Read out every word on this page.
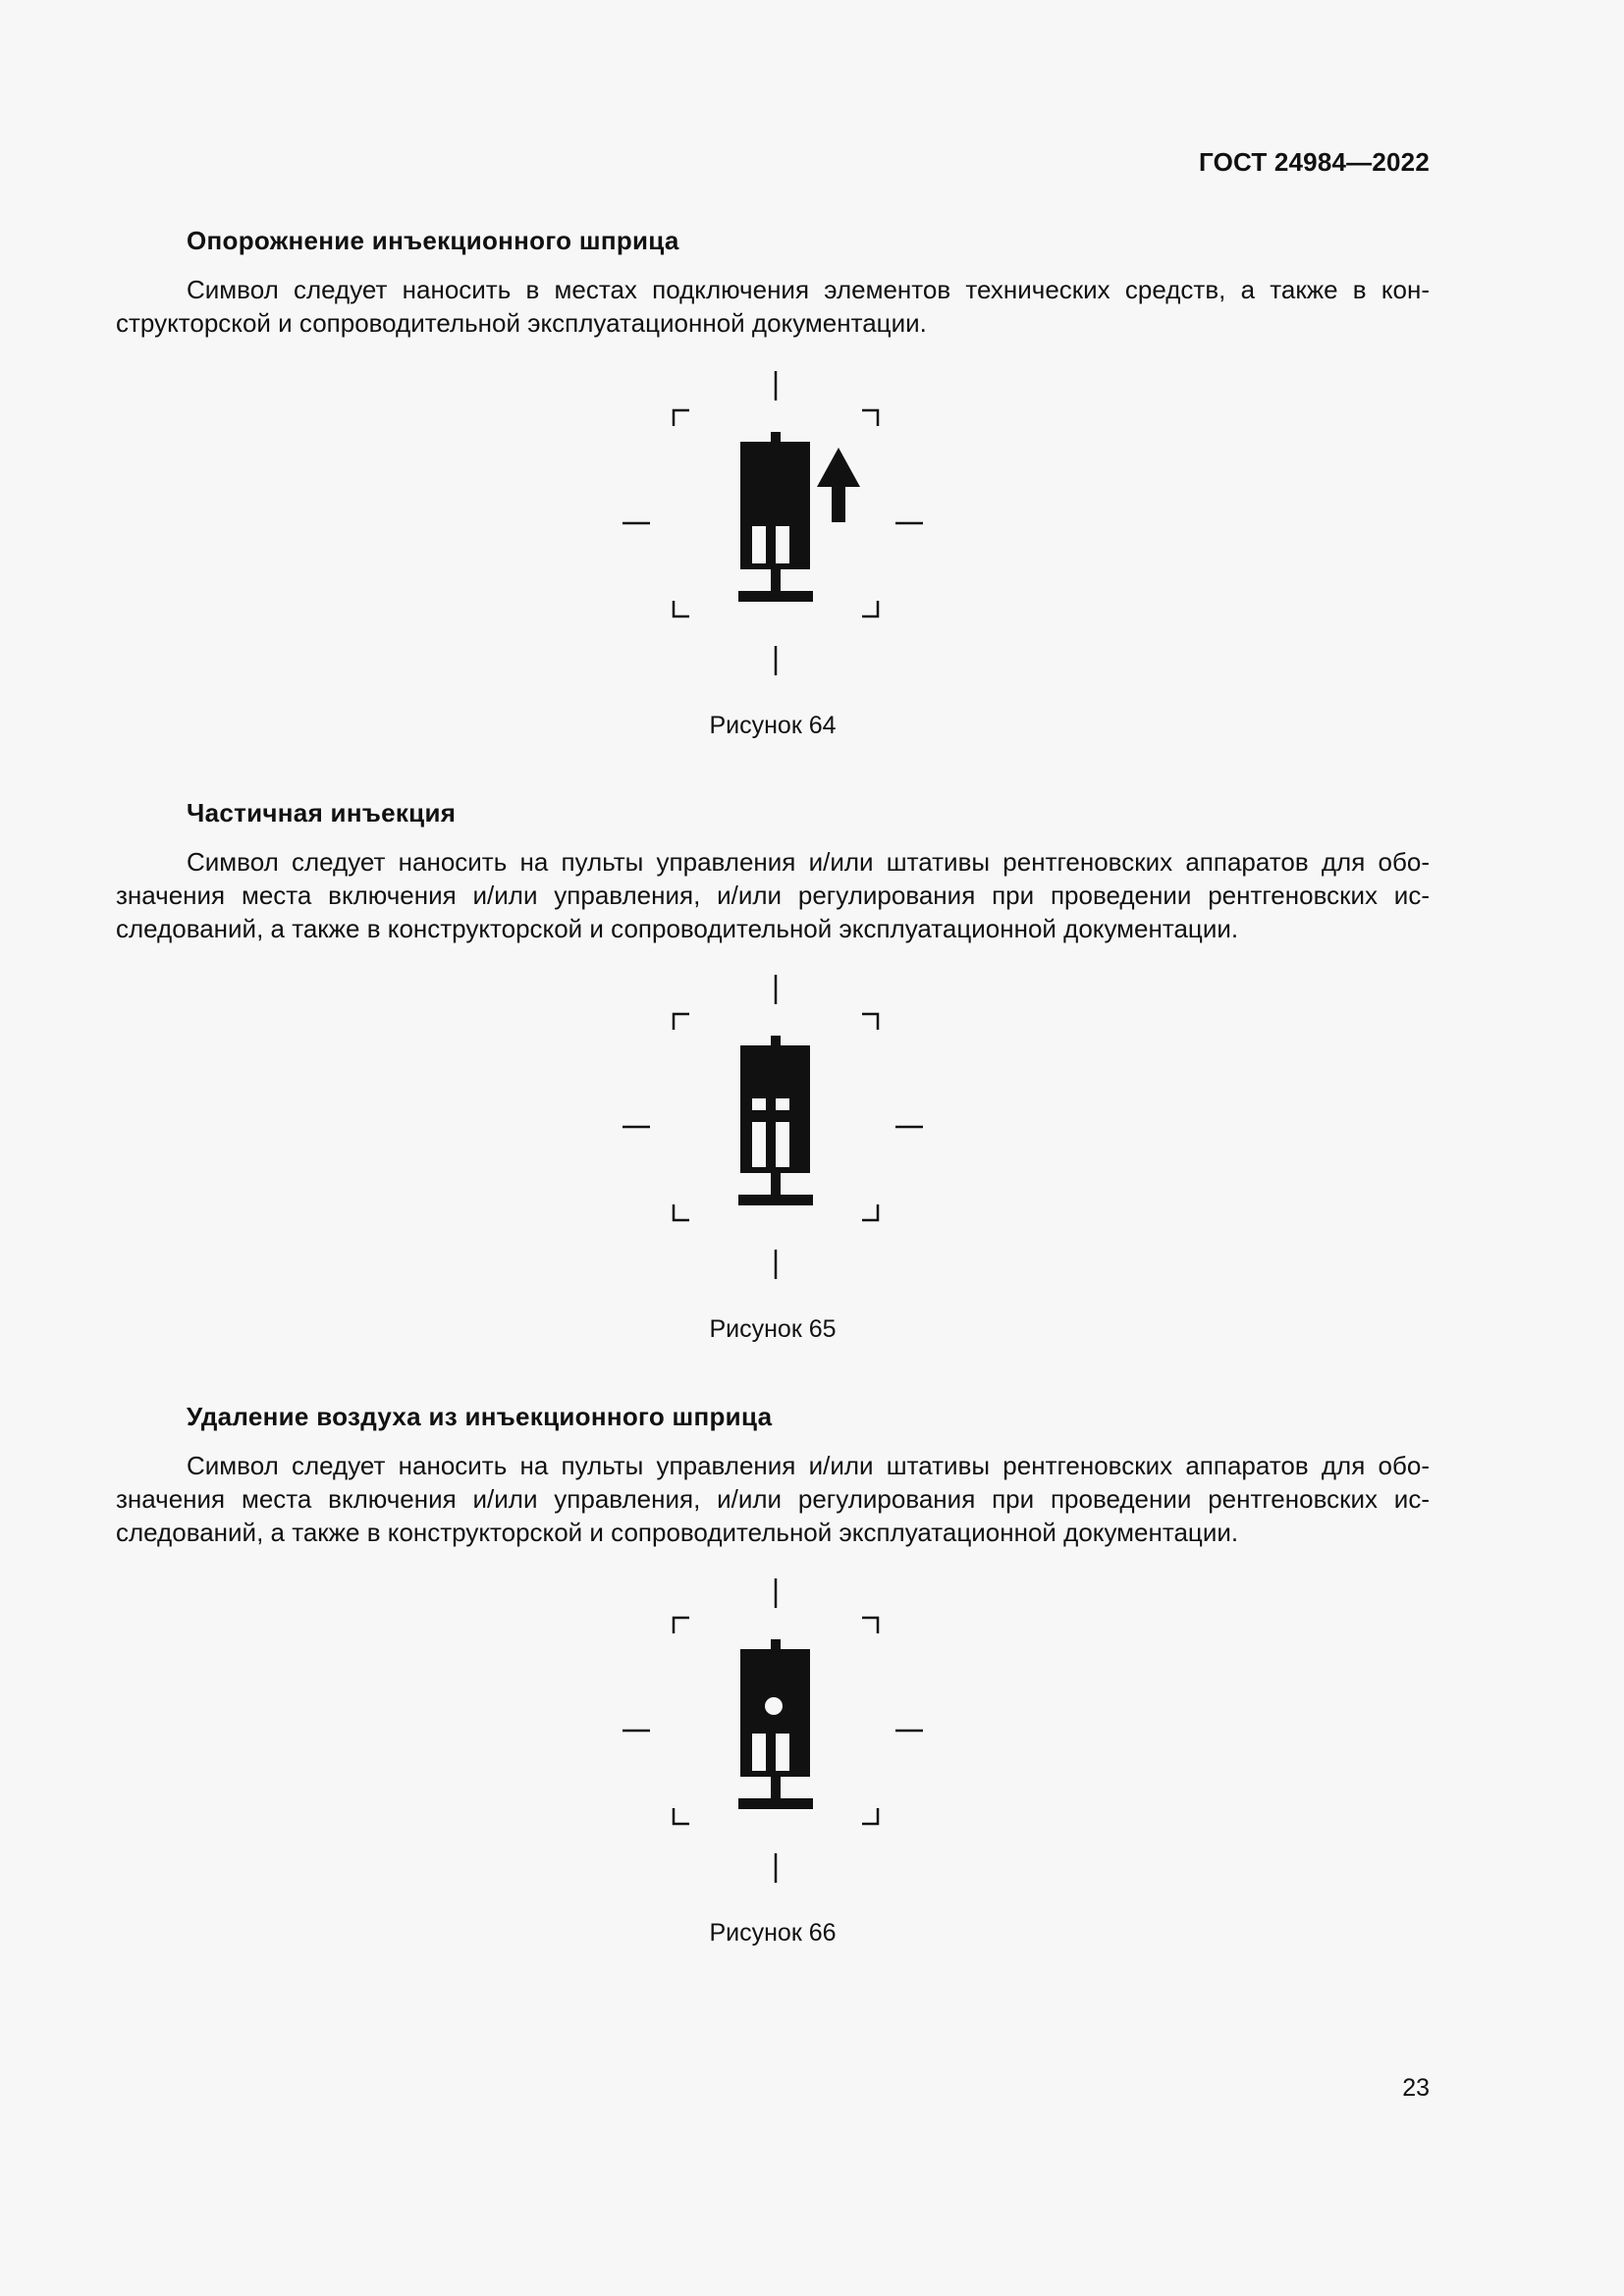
ГОСТ 24984—2022
Опорожнение инъекционного шприца
Символ следует наносить в местах подключения элементов технических средств, а также в конструкторской и сопроводительной эксплуатационной документации.
Рисунок 64
Частичная инъекция
Символ следует наносить на пульты управления и/или штативы рентгеновских аппаратов для обозначения места включения и/или управления, и/или регулирования при проведении рентгеновских исследований, а также в конструкторской и сопроводительной эксплуатационной документации.
Рисунок 65
Удаление воздуха из инъекционного шприца
Символ следует наносить на пульты управления и/или штативы рентгеновских аппаратов для обозначения места включения и/или управления, и/или регулирования при проведении рентгеновских исследований, а также в конструкторской и сопроводительной эксплуатационной документации.
Рисунок 66
23
